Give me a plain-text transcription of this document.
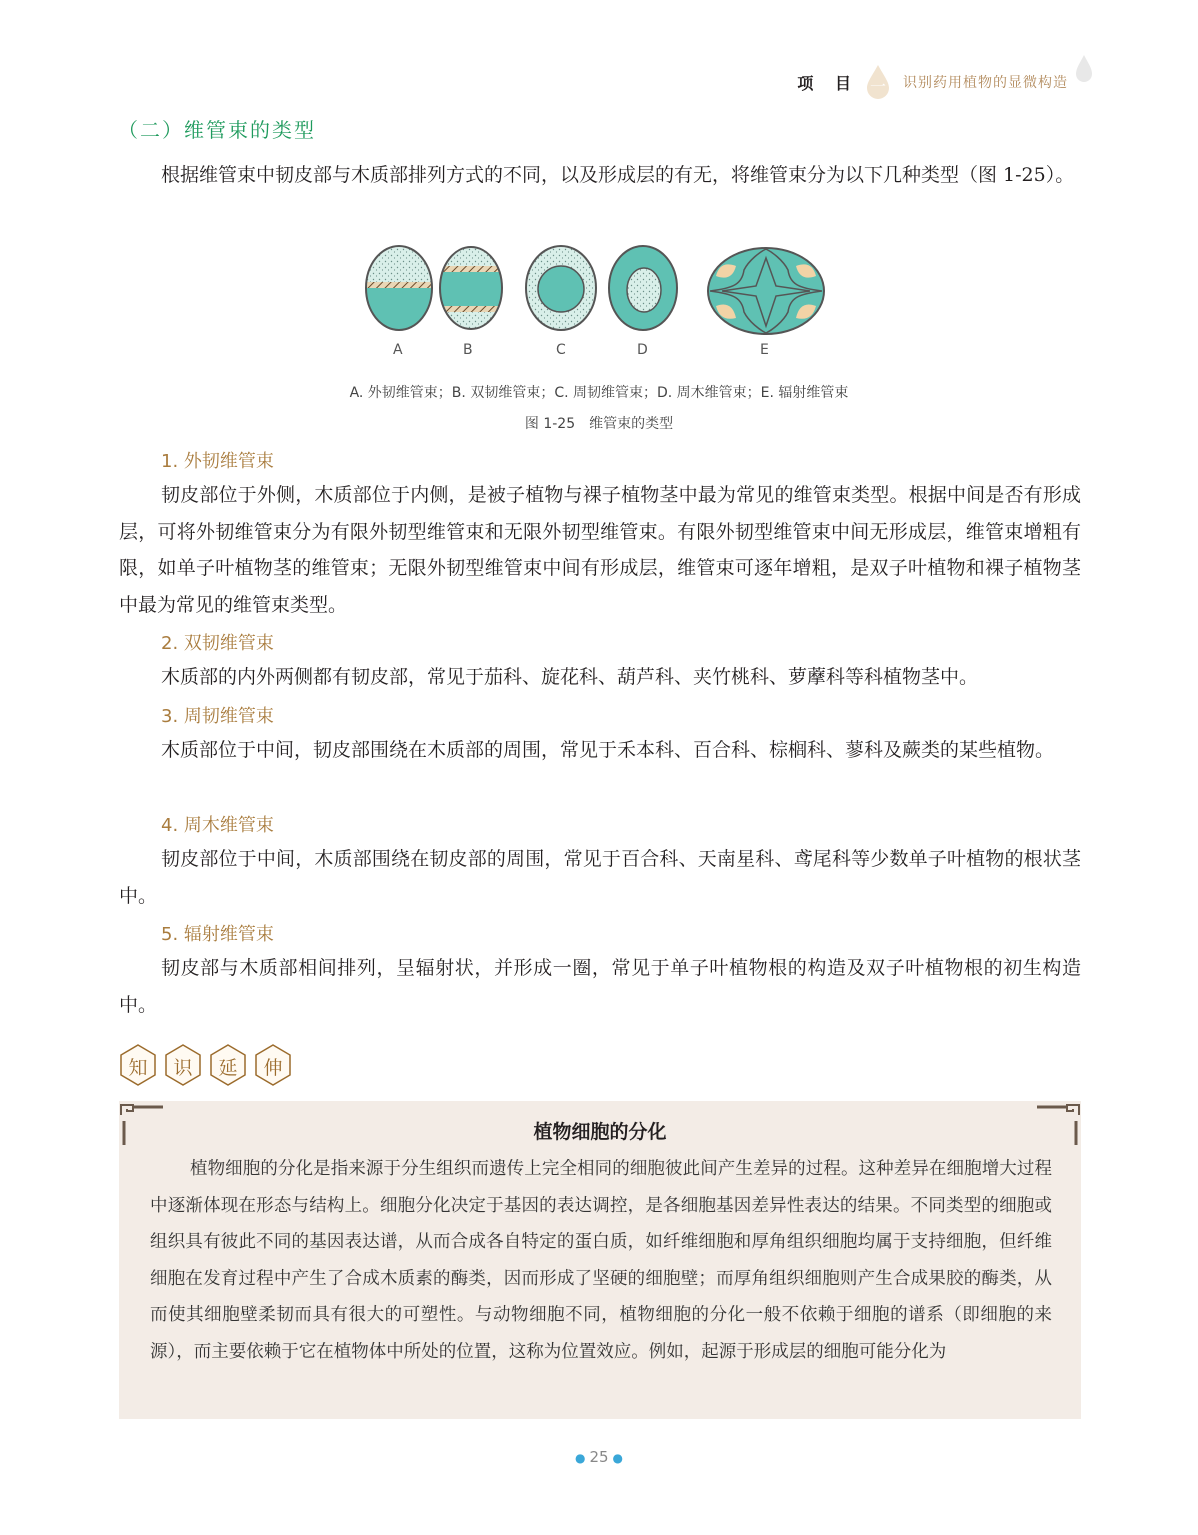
项 目 一	识别药用植物的显微构造
（二）维管束的类型
根据维管束中韧皮部与木质部排列方式的不同，以及形成层的有无，将维管束分为以下几种类型（图 1-25）。
A	B	C	D	E
A. 外韧维管束；B. 双韧维管束；C. 周韧维管束；D. 周木维管束；E. 辐射维管束
图 1-25　维管束的类型
1. 外韧维管束
韧皮部位于外侧，木质部位于内侧，是被子植物与裸子植物茎中最为常见的维管束类型。根据中间是否有形成层，可将外韧维管束分为有限外韧型维管束和无限外韧型维管束。有限外韧型维管束中间无形成层，维管束增粗有限，如单子叶植物茎的维管束；无限外韧型维管束中间有形成层，维管束可逐年增粗，是双子叶植物和裸子植物茎中最为常见的维管束类型。
2. 双韧维管束
木质部的内外两侧都有韧皮部，常见于茄科、旋花科、葫芦科、夹竹桃科、萝藦科等科植物茎中。
3. 周韧维管束
木质部位于中间，韧皮部围绕在木质部的周围，常见于禾本科、百合科、棕榈科、蓼科及蕨类的某些植物。
4. 周木维管束
韧皮部位于中间，木质部围绕在韧皮部的周围，常见于百合科、天南星科、鸢尾科等少数单子叶植物的根状茎中。
5. 辐射维管束
韧皮部与木质部相间排列，呈辐射状，并形成一圈，常见于单子叶植物根的构造及双子叶植物根的初生构造中。
知	识	延	伸
植物细胞的分化
植物细胞的分化是指来源于分生组织而遗传上完全相同的细胞彼此间产生差异的过程。这种差异在细胞增大过程中逐渐体现在形态与结构上。细胞分化决定于基因的表达调控，是各细胞基因差异性表达的结果。不同类型的细胞或组织具有彼此不同的基因表达谱，从而合成各自特定的蛋白质，如纤维细胞和厚角组织细胞均属于支持细胞，但纤维细胞在发育过程中产生了合成木质素的酶类，因而形成了坚硬的细胞壁；而厚角组织细胞则产生合成果胶的酶类，从而使其细胞壁柔韧而具有很大的可塑性。与动物细胞不同，植物细胞的分化一般不依赖于细胞的谱系（即细胞的来源），而主要依赖于它在植物体中所处的位置，这称为位置效应。例如，起源于形成层的细胞可能分化为
● 25 ●
